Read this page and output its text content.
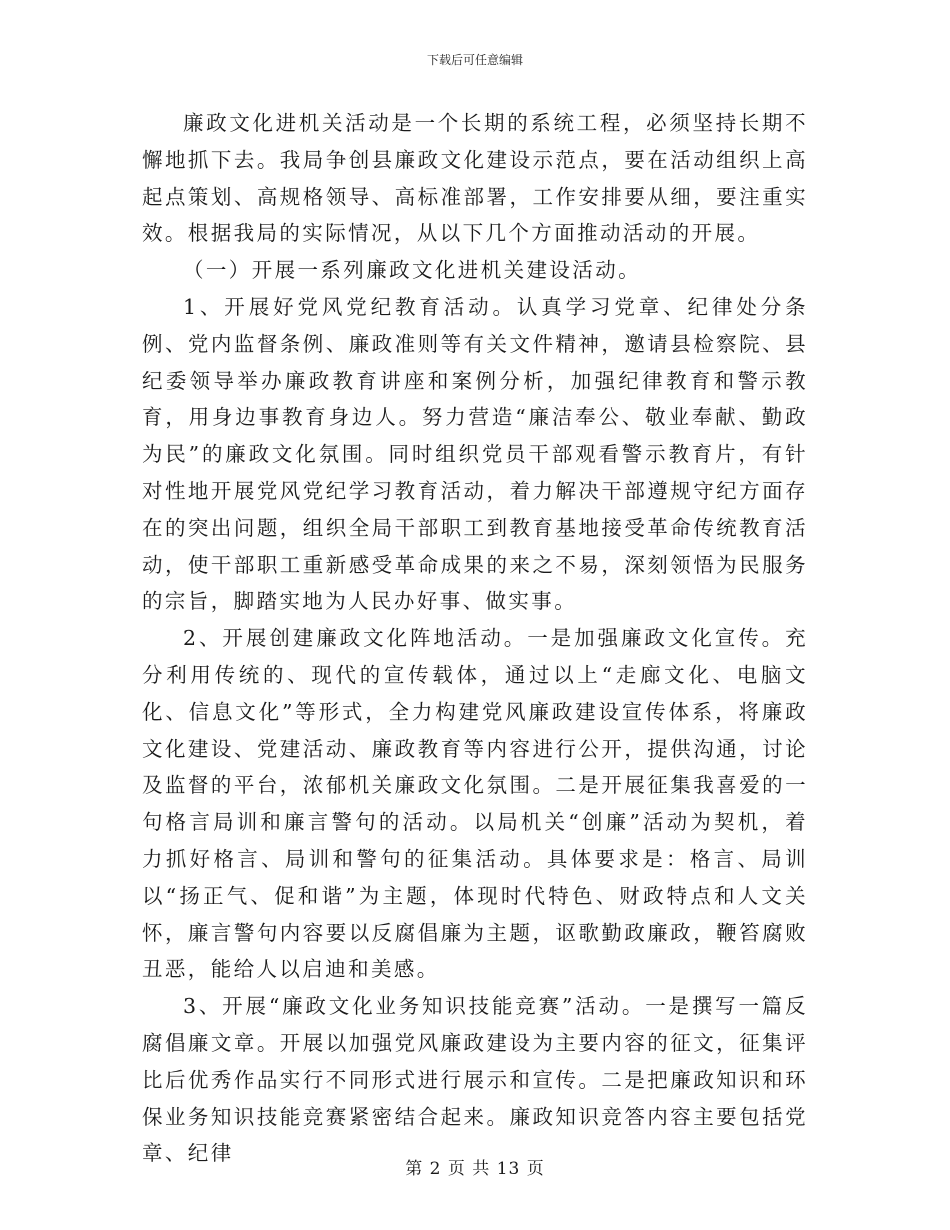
下载后可任意编辑

廉政文化进机关活动是一个长期的系统工程，必须坚持长期不懈地抓下去。我局争创县廉政文化建设示范点，要在活动组织上高起点策划、高规格领导、高标准部署，工作安排要从细，要注重实效。根据我局的实际情况，从以下几个方面推动活动的开展。

（一）开展一系列廉政文化进机关建设活动。

1、开展好党风党纪教育活动。认真学习党章、纪律处分条例、党内监督条例、廉政准则等有关文件精神，邀请县检察院、县纪委领导举办廉政教育讲座和案例分析，加强纪律教育和警示教育，用身边事教育身边人。努力营造“廉洁奉公、敬业奉献、勤政为民”的廉政文化氛围。同时组织党员干部观看警示教育片，有针对性地开展党风党纪学习教育活动，着力解决干部遵规守纪方面存在的突出问题，组织全局干部职工到教育基地接受革命传统教育活动，使干部职工重新感受革命成果的来之不易，深刻领悟为民服务的宗旨，脚踏实地为人民办好事、做实事。

2、开展创建廉政文化阵地活动。一是加强廉政文化宣传。充分利用传统的、现代的宣传载体，通过以上“走廊文化、电脑文化、信息文化”等形式，全力构建党风廉政建设宣传体系，将廉政文化建设、党建活动、廉政教育等内容进行公开，提供沟通，讨论及监督的平台，浓郁机关廉政文化氛围。二是开展征集我喜爱的一句格言局训和廉言警句的活动。以局机关“创廉”活动为契机，着力抓好格言、局训和警句的征集活动。具体要求是：格言、局训以“扬正气、促和谐”为主题，体现时代特色、财政特点和人文关怀，廉言警句内容要以反腐倡廉为主题，讴歌勤政廉政，鞭笞腐败丑恶，能给人以启迪和美感。

3、开展“廉政文化业务知识技能竞赛”活动。一是撰写一篇反腐倡廉文章。开展以加强党风廉政建设为主要内容的征文，征集评比后优秀作品实行不同形式进行展示和宣传。二是把廉政知识和环保业务知识技能竞赛紧密结合起来。廉政知识竞答内容主要包括党章、纪律

第 2 页 共 13 页
